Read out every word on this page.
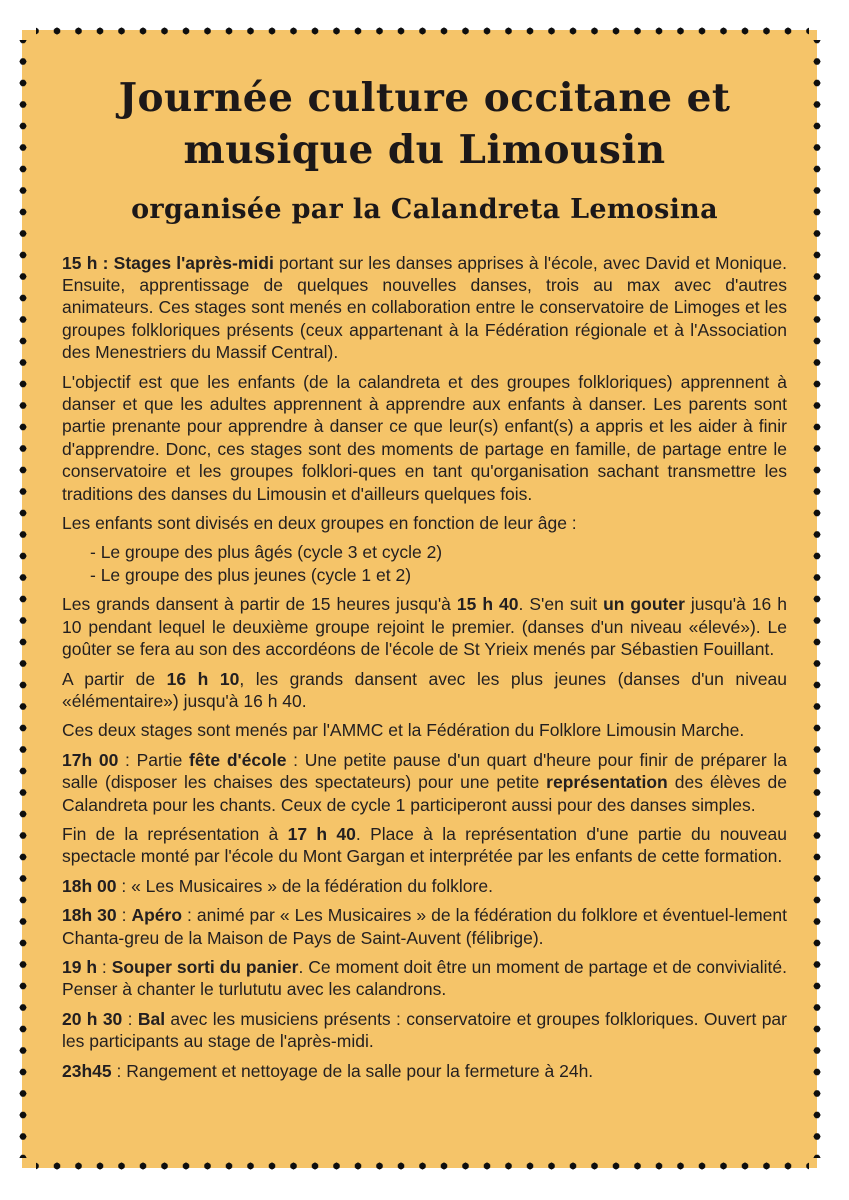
Journée culture occitane et
musique du Limousin
organisée par la Calandreta Lemosina

15 h : Stages l'après-midi portant sur les danses apprises à l'école, avec David et Monique. Ensuite, apprentissage de quelques nouvelles danses, trois au max avec d'autres animateurs. Ces stages sont menés en collaboration entre le conservatoire de Limoges et les groupes folkloriques présents (ceux appartenant à la Fédération régionale et à l'Association des Menestriers du Massif Central).

L'objectif est que les enfants (de la calandreta et des groupes folkloriques) apprennent à danser et que les adultes apprennent à apprendre aux enfants à danser. Les parents sont partie prenante pour apprendre à danser ce que leur(s) enfant(s) a appris et les aider à finir d'apprendre. Donc, ces stages sont des moments de partage en famille, de partage entre le conservatoire et les groupes folklori-ques en tant qu'organisation sachant transmettre les traditions des danses du Limousin et d'ailleurs quelques fois.

Les enfants sont divisés en deux groupes en fonction de leur âge :

- Le groupe des plus âgés (cycle 3 et cycle 2)
- Le groupe des plus jeunes (cycle 1 et 2)

Les grands dansent à partir de 15 heures jusqu'à 15 h 40. S'en suit un gouter jusqu'à 16 h 10 pendant lequel le deuxième groupe rejoint le premier. (danses d'un niveau «élevé»). Le goûter se fera au son des accordéons de l'école de St Yrieix menés par Sébastien Fouillant.

A partir de 16 h 10, les grands dansent avec les plus jeunes (danses d'un niveau «élémentaire») jusqu'à 16 h 40.

Ces deux stages sont menés par l'AMMC et la Fédération du Folklore Limousin Marche.

17h 00 : Partie fête d'école : Une petite pause d'un quart d'heure pour finir de préparer la salle (disposer les chaises des spectateurs) pour une petite représentation des élèves de Calandreta pour les chants. Ceux de cycle 1 participeront aussi pour des danses simples.

Fin de la représentation à 17 h 40. Place à la représentation d'une partie du nouveau spectacle monté par l'école du Mont Gargan et interprétée par les enfants de cette formation.

18h 00 : « Les Musicaires » de la fédération du folklore.

18h 30 : Apéro : animé par « Les Musicaires » de la fédération du folklore et éventuel-lement Chanta-greu de la Maison de Pays de Saint-Auvent (félibrige).

19 h : Souper sorti du panier. Ce moment doit être un moment de partage et de convivialité. Penser à chanter le turlututu avec les calandrons.

20 h 30 : Bal avec les musiciens présents : conservatoire et groupes folkloriques. Ouvert par les participants au stage de l'après-midi.

23h45 : Rangement et nettoyage de la salle pour la fermeture à 24h.
